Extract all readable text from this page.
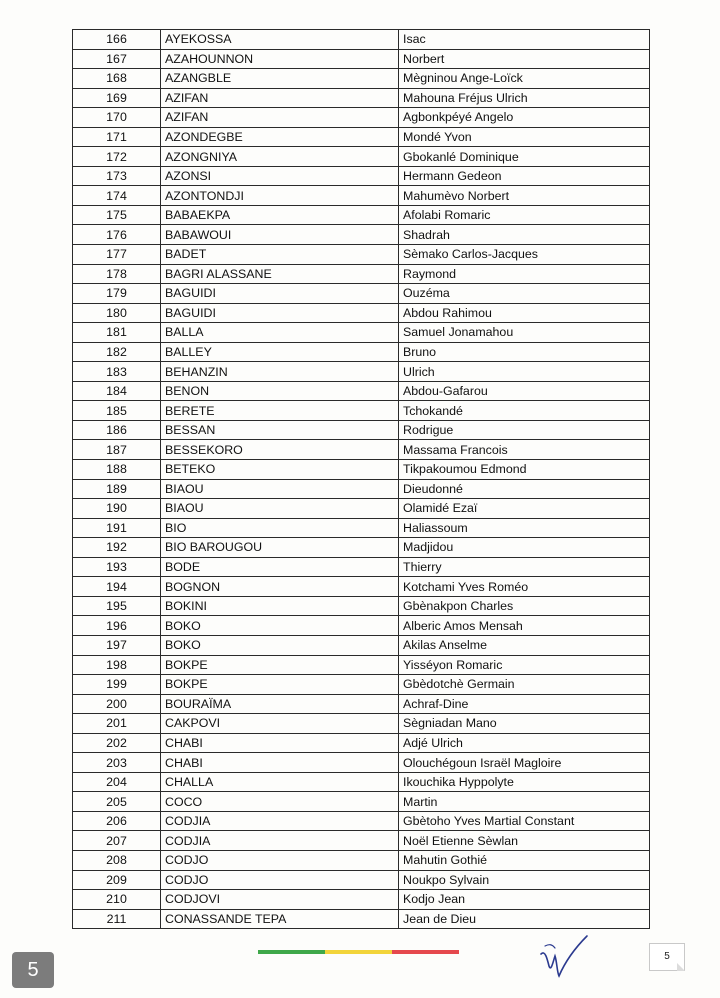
166	AYEKOSSA	Isac
167	AZAHOUNNON	Norbert
168	AZANGBLE	Mègninou Ange-Loïck
169	AZIFAN	Mahouna Fréjus Ulrich
170	AZIFAN	Agbonkpéyé Angelo
171	AZONDEGBE	Mondé Yvon
172	AZONGNIYA	Gbokanlé Dominique
173	AZONSI	Hermann Gedeon
174	AZONTONDJI	Mahumèvo Norbert
175	BABAEKPA	Afolabi Romaric
176	BABAWOUI	Shadrah
177	BADET	Sèmako Carlos-Jacques
178	BAGRI ALASSANE	Raymond
179	BAGUIDI	Ouzéma
180	BAGUIDI	Abdou Rahimou
181	BALLA	Samuel Jonamahou
182	BALLEY	Bruno
183	BEHANZIN	Ulrich
184	BENON	Abdou-Gafarou
185	BERETE	Tchokandé
186	BESSAN	Rodrigue
187	BESSEKORO	Massama Francois
188	BETEKO	Tikpakoumou Edmond
189	BIAOU	Dieudonné
190	BIAOU	Olamidé Ezaï
191	BIO	Haliassoum
192	BIO BAROUGOU	Madjidou
193	BODE	Thierry
194	BOGNON	Kotchami Yves Roméo
195	BOKINI	Gbènakpon Charles
196	BOKO	Alberic Amos Mensah
197	BOKO	Akilas Anselme
198	BOKPE	Yisséyon Romaric
199	BOKPE	Gbèdotchè Germain
200	BOURAÏMA	Achraf-Dine
201	CAKPOVI	Sègniadan Mano
202	CHABI	Adjé Ulrich
203	CHABI	Olouchégoun Israël Magloire
204	CHALLA	Ikouchika Hyppolyte
205	COCO	Martin
206	CODJIA	Gbètoho Yves Martial Constant
207	CODJIA	Noël Etienne Sèwlan
208	CODJO	Mahutin Gothié
209	CODJO	Noukpo Sylvain
210	CODJOVI	Kodjo Jean
211	CONASSANDE TEPA	Jean de Dieu
5
5
